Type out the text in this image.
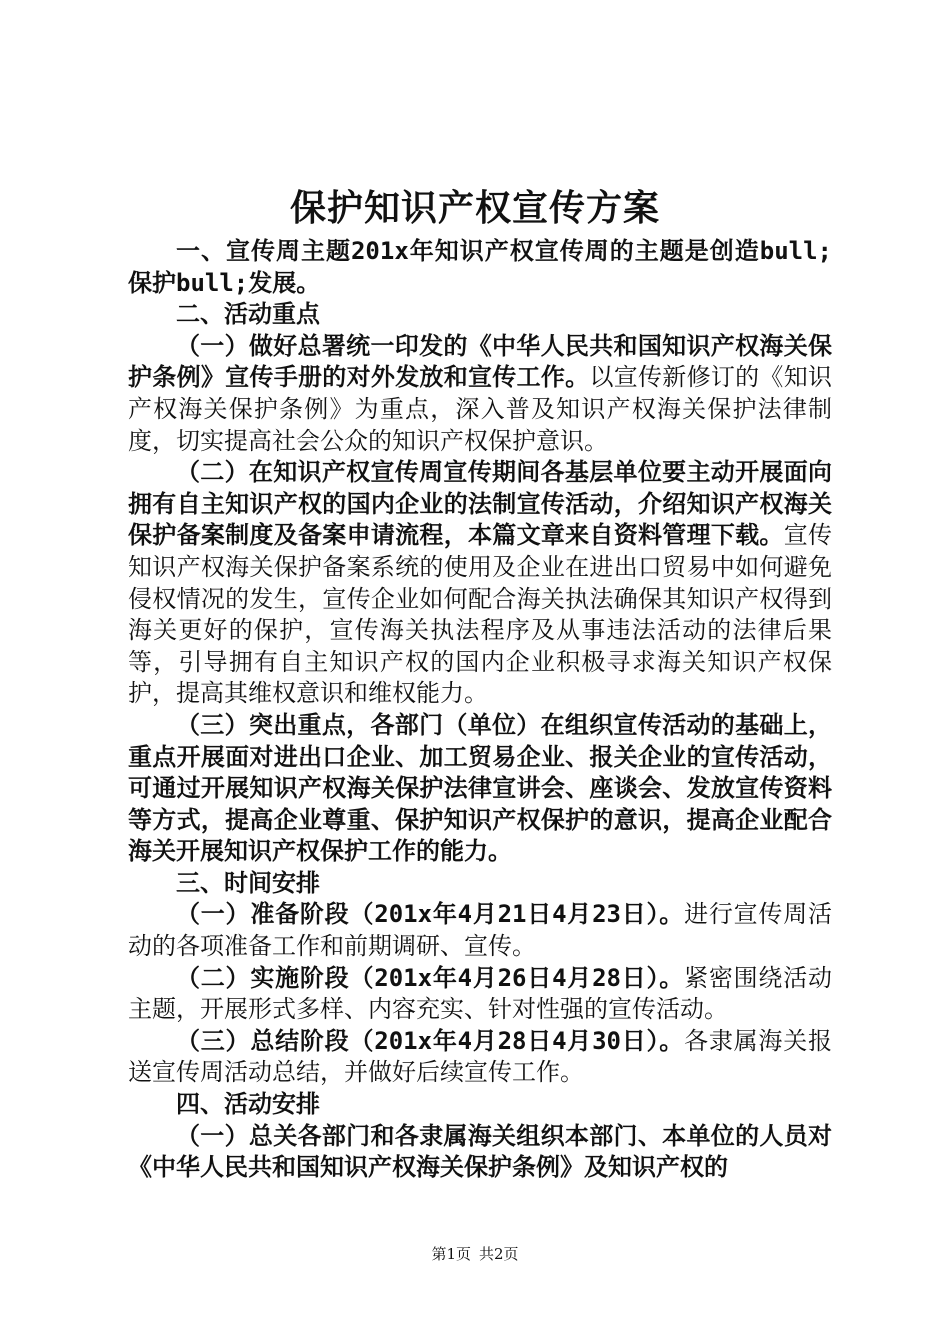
保护知识产权宣传方案

一、宣传周主题201x年知识产权宣传周的主题是创造bull;保护bull;发展。

二、活动重点

（一）做好总署统一印发的《中华人民共和国知识产权海关保护条例》宣传手册的对外发放和宣传工作。以宣传新修订的《知识产权海关保护条例》为重点，深入普及知识产权海关保护法律制度，切实提高社会公众的知识产权保护意识。

（二）在知识产权宣传周宣传期间各基层单位要主动开展面向拥有自主知识产权的国内企业的法制宣传活动，介绍知识产权海关保护备案制度及备案申请流程，本篇文章来自资料管理下载。宣传知识产权海关保护备案系统的使用及企业在进出口贸易中如何避免侵权情况的发生，宣传企业如何配合海关执法确保其知识产权得到海关更好的保护，宣传海关执法程序及从事违法活动的法律后果等，引导拥有自主知识产权的国内企业积极寻求海关知识产权保护，提高其维权意识和维权能力。

（三）突出重点，各部门（单位）在组织宣传活动的基础上，重点开展面对进出口企业、加工贸易企业、报关企业的宣传活动，可通过开展知识产权海关保护法律宣讲会、座谈会、发放宣传资料等方式，提高企业尊重、保护知识产权保护的意识，提高企业配合海关开展知识产权保护工作的能力。

三、时间安排

（一）准备阶段（201x年4月21日4月23日）。进行宣传周活动的各项准备工作和前期调研、宣传。

（二）实施阶段（201x年4月26日4月28日）。紧密围绕活动主题，开展形式多样、内容充实、针对性强的宣传活动。

（三）总结阶段（201x年4月28日4月30日）。各隶属海关报送宣传周活动总结，并做好后续宣传工作。

四、活动安排

（一）总关各部门和各隶属海关组织本部门、本单位的人员对《中华人民共和国知识产权海关保护条例》及知识产权的

第1页 共2页
